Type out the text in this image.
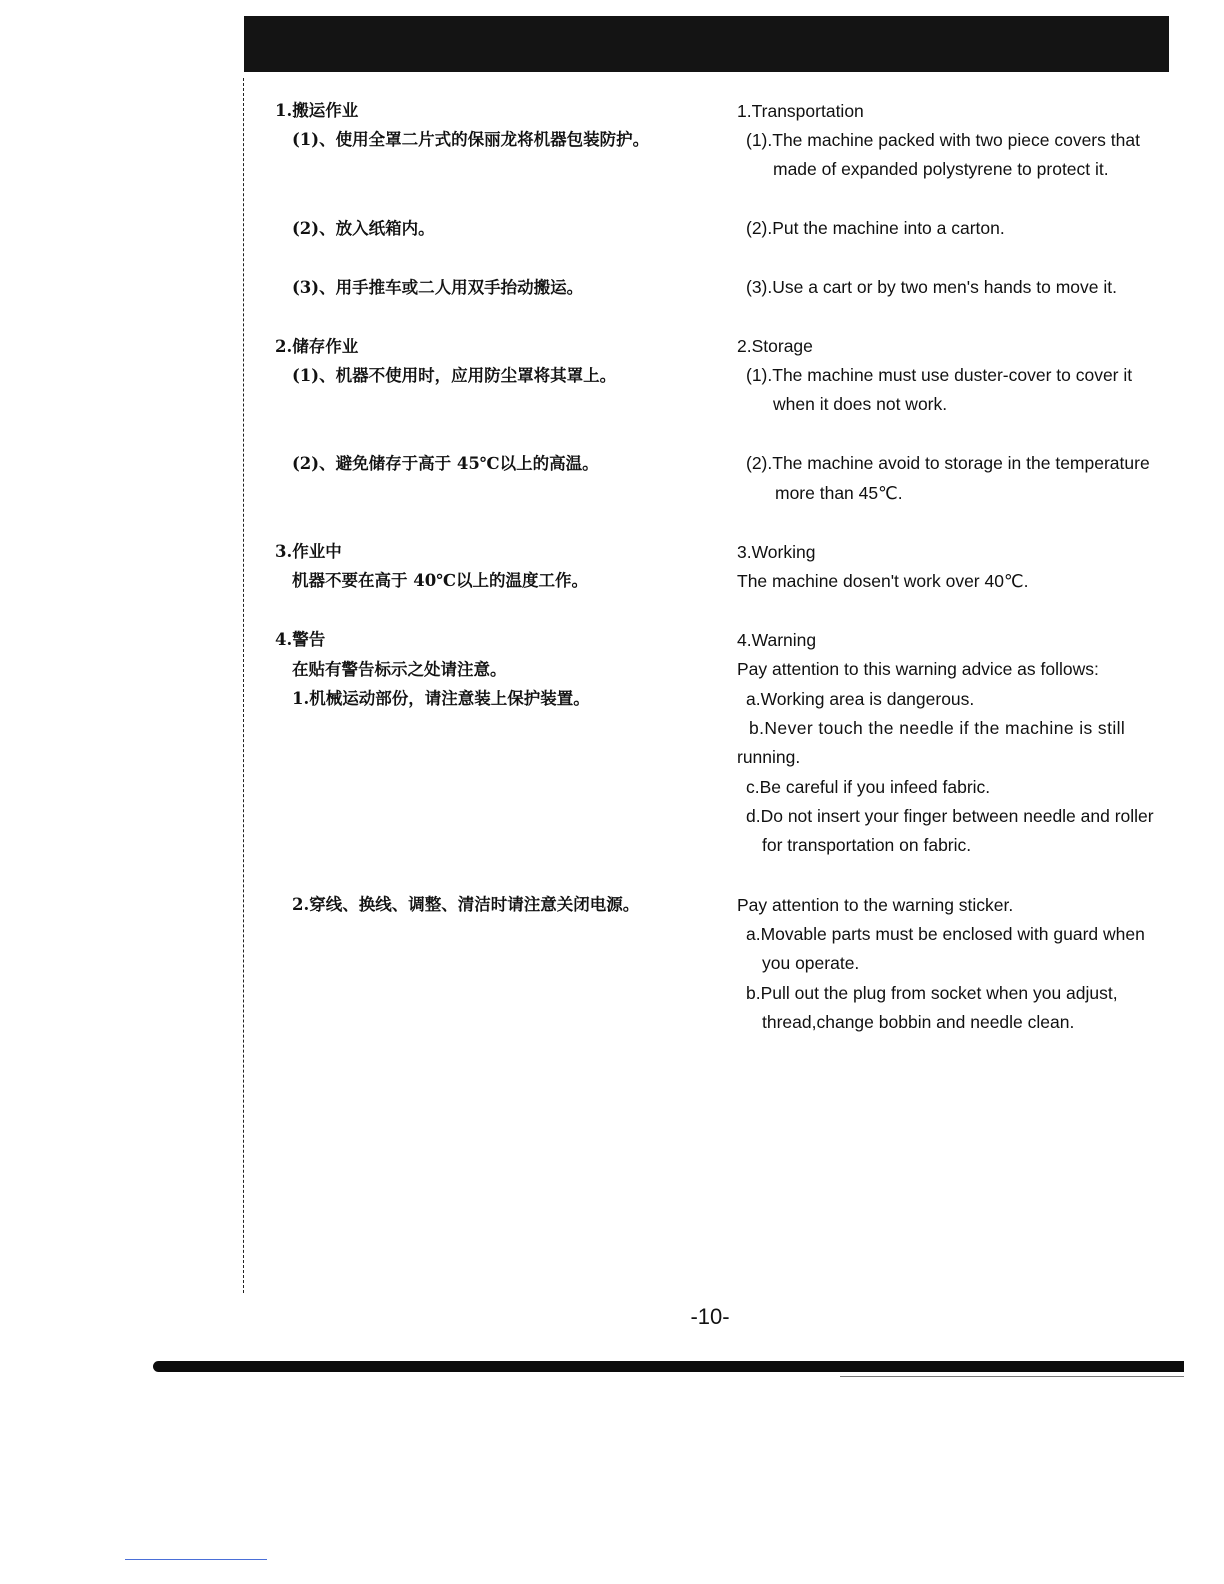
1.搬运作业
(1)、使用全罩二片式的保丽龙将机器包装防护。
(2)、放入纸箱内。
(3)、用手推车或二人用双手抬动搬运。
2.储存作业
(1)、机器不使用时，应用防尘罩将其罩上。
(2)、避免储存于高于 45℃以上的高温。
3.作业中
机器不要在高于 40℃以上的温度工作。
4.警告
在贴有警告标示之处请注意。
1.机械运动部份，请注意装上保护装置。
2.穿线、换线、调整、清洁时请注意关闭电源。
1.Transportation
(1).The machine packed with two piece covers that
made of expanded polystyrene to protect it.
(2).Put the machine into a carton.
(3).Use a cart or by two men's hands to move it.
2.Storage
(1).The machine must use duster-cover to cover it
when it does not work.
(2).The machine avoid to storage in the temperature
more than 45℃.
3.Working
The machine dosen't work over 40℃.
4.Warning
Pay attention to this warning advice as follows:
a.Working area is dangerous.
b.Never touch the needle if the machine is still
running.
c.Be careful if you infeed fabric.
d.Do not insert your finger between needle and roller
for transportation on fabric.
Pay attention to the warning sticker.
a.Movable parts must be enclosed with guard when
you operate.
b.Pull out the plug from socket when you adjust,
thread,change bobbin and needle clean.
-10-
